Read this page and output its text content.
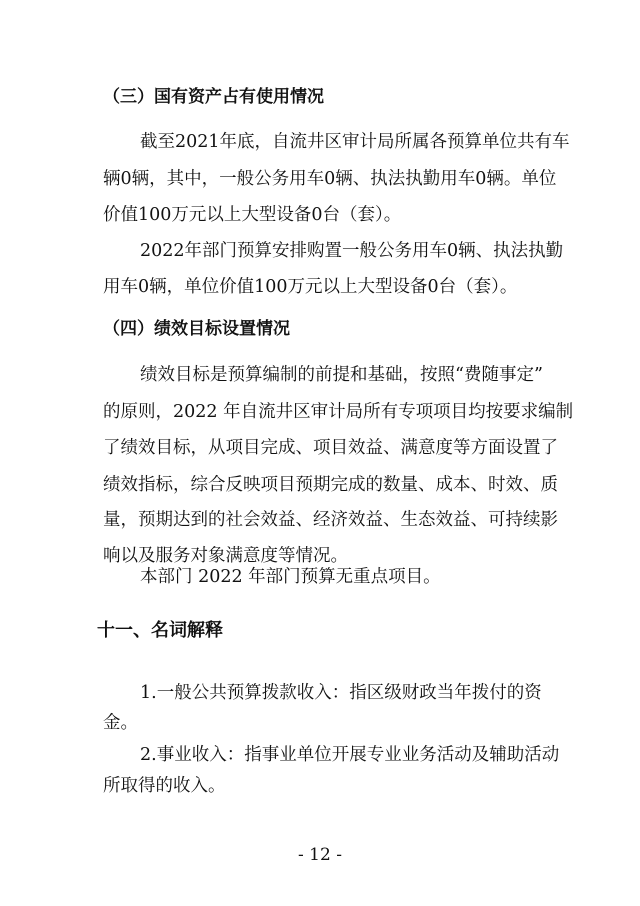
（三）国有资产占有使用情况
截至2021年底，自流井区审计局所属各预算单位共有车
辆0辆，其中，一般公务用车0辆、执法执勤用车0辆。单位
价值100万元以上大型设备0台（套）。
2022年部门预算安排购置一般公务用车0辆、执法执勤
用车0辆，单位价值100万元以上大型设备0台（套）。
（四）绩效目标设置情况
绩效目标是预算编制的前提和基础，按照“费随事定”
的原则，2022 年自流井区审计局所有专项项目均按要求编制
了绩效目标，从项目完成、项目效益、满意度等方面设置了
绩效指标，综合反映项目预期完成的数量、成本、时效、质
量，预期达到的社会效益、经济效益、生态效益、可持续影
响以及服务对象满意度等情况。
本部门 2022 年部门预算无重点项目。
十一、名词解释
1.一般公共预算拨款收入：指区级财政当年拨付的资
金。
2.事业收入：指事业单位开展专业业务活动及辅助活动
所取得的收入。
- 12 -
